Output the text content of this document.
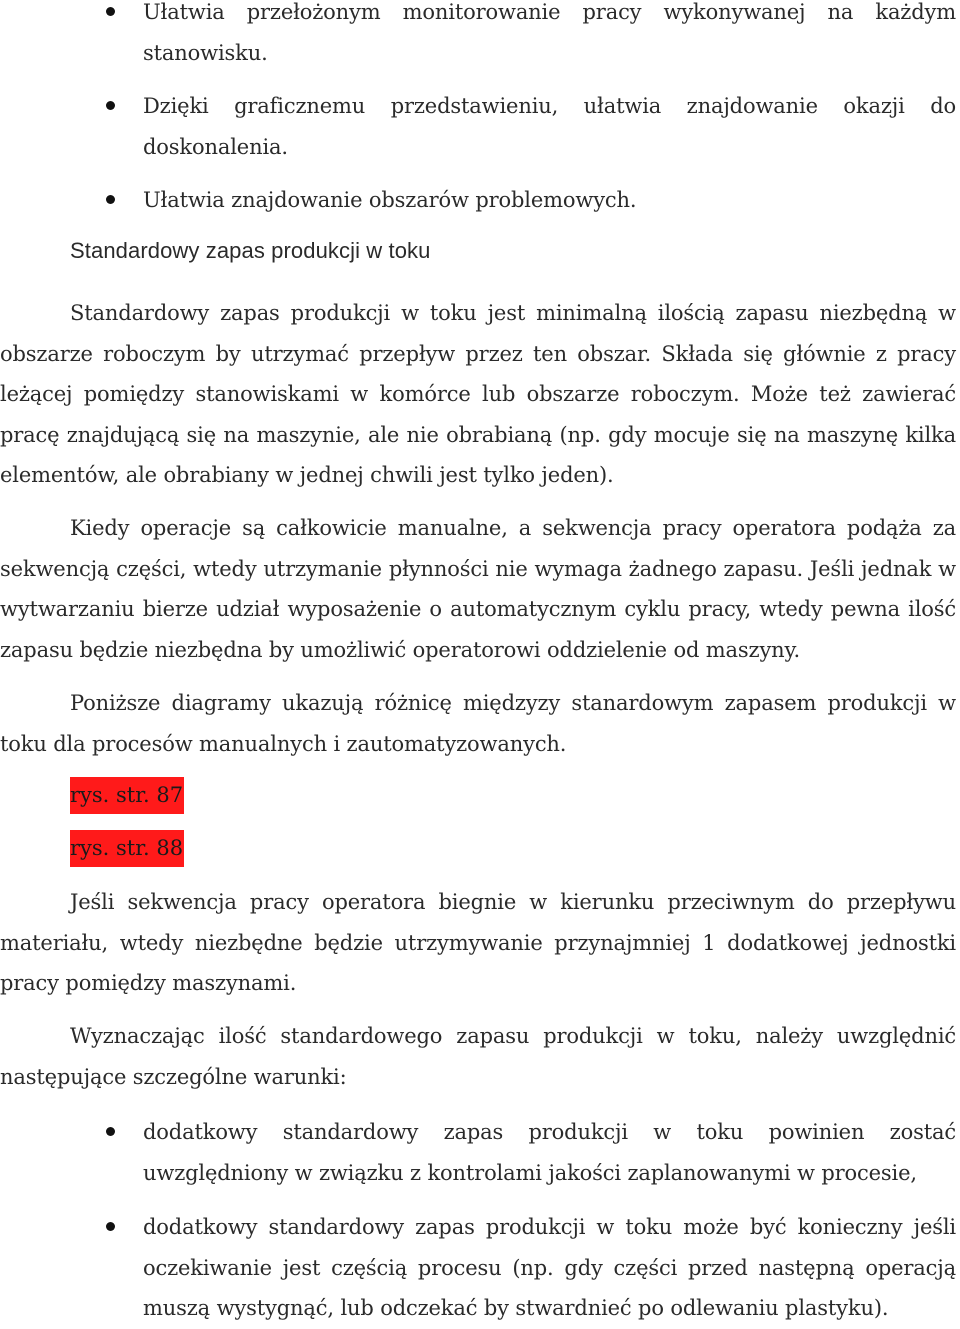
Ułatwia przełożonym monitorowanie pracy wykonywanej na każdym stanowisku.
Dzięki graficznemu przedstawieniu, ułatwia znajdowanie okazji do doskonalenia.
Ułatwia znajdowanie obszarów problemowych.
Standardowy zapas produkcji w toku
Standardowy zapas produkcji w toku jest minimalną ilością zapasu niezbędną w obszarze roboczym by utrzymać przepływ przez ten obszar. Składa się głównie z pracy leżącej pomiędzy stanowiskami w komórce lub obszarze roboczym. Może też zawierać pracę znajdującą się na maszynie, ale nie obrabianą (np. gdy mocuje się na maszynę kilka elementów, ale obrabiany w jednej chwili jest tylko jeden).
Kiedy operacje są całkowicie manualne, a sekwencja pracy operatora podąża za sekwencją części, wtedy utrzymanie płynności nie wymaga żadnego zapasu. Jeśli jednak w wytwarzaniu bierze udział wyposażenie o automatycznym cyklu pracy, wtedy pewna ilość zapasu będzie niezbędna by umożliwić operatorowi oddzielenie od maszyny.
Poniższe diagramy ukazują różnicę międzyzy stanardowym zapasem produkcji w toku dla procesów manualnych i zautomatyzowanych.
rys. str. 87
rys. str. 88
Jeśli sekwencja pracy operatora biegnie w kierunku przeciwnym do przepływu materiału, wtedy niezbędne będzie utrzymywanie przynajmniej 1 dodatkowej jednostki pracy pomiędzy maszynami.
Wyznaczając ilość standardowego zapasu produkcji w toku, należy uwzględnić następujące szczególne warunki:
dodatkowy standardowy zapas produkcji w toku powinien zostać uwzględniony w związku z kontrolami jakości zaplanowanymi w procesie,
dodatkowy standardowy zapas produkcji w toku może być konieczny jeśli oczekiwanie jest częścią procesu (np. gdy części przed następną operacją muszą wystygnąć, lub odczekać by stwardnieć po odlewaniu plastyku).
